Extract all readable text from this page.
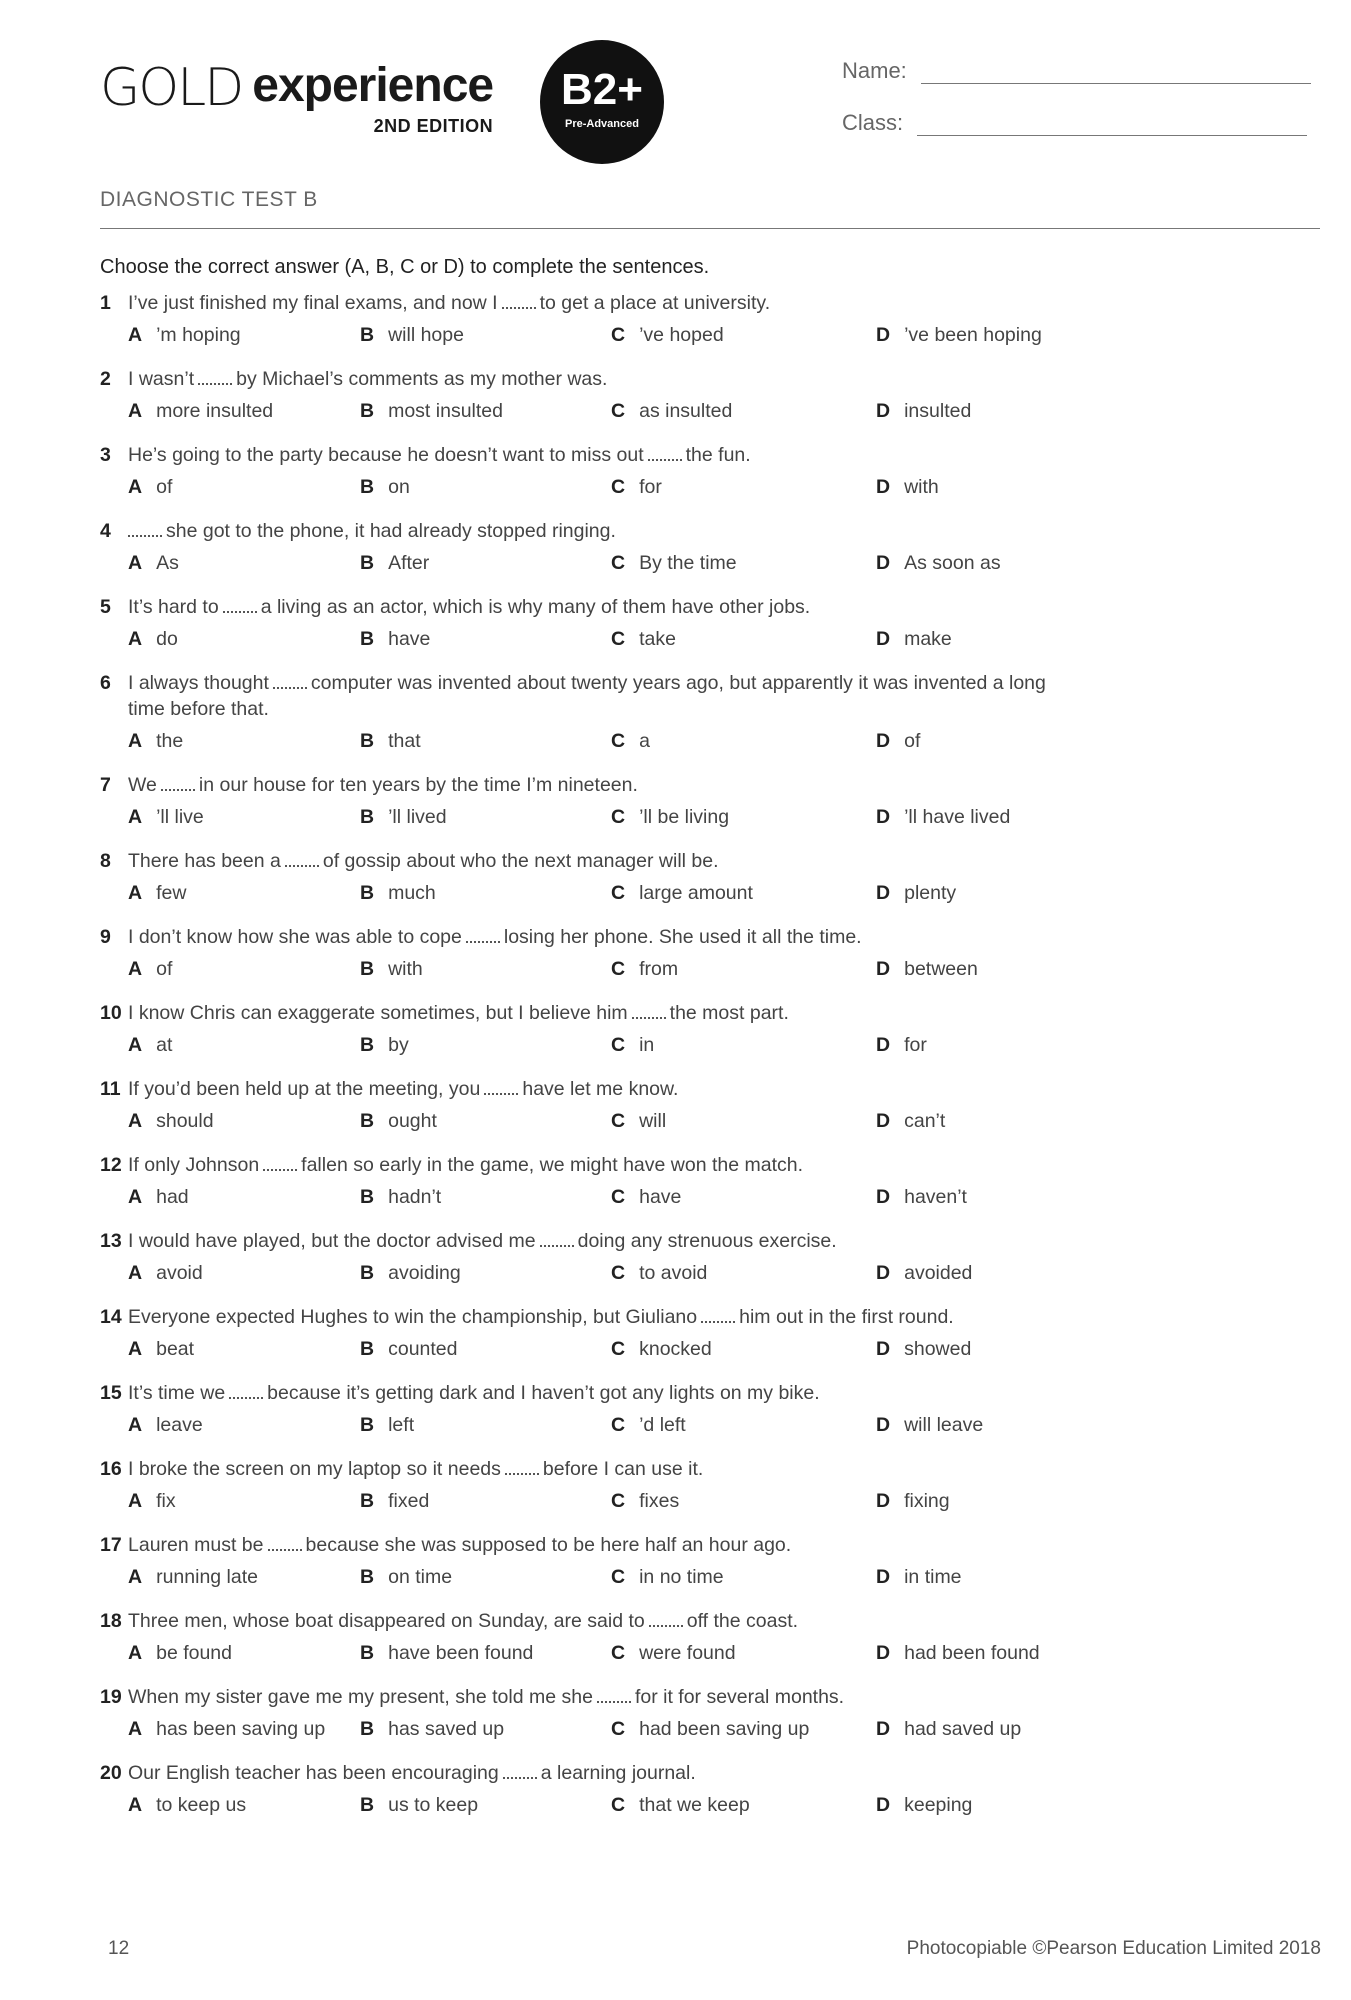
GOLD experience
2ND EDITION
B2+
Pre-Advanced
Name:
Class:
DIAGNOSTIC TEST B
Choose the correct answer (A, B, C or D) to complete the sentences.
1 I’ve just finished my final exams, and now I to get a place at university.
A ’m hoping	B will hope	C ’ve hoped	D ’ve been hoping
2 I wasn’t by Michael’s comments as my mother was.
A more insulted	B most insulted	C as insulted	D insulted
3 He’s going to the party because he doesn’t want to miss out the fun.
A of	B on	C for	D with
4	she got to the phone, it had already stopped ringing.
A As	B After	C By the time	D As soon as
5 It’s hard to a living as an actor, which is why many of them have other jobs.
A do	B have	C take	D make
6 I always thought computer was invented about twenty years ago, but apparently it was invented a long time before that.
A the	B that	C a	D of
7 We in our house for ten years by the time I’m nineteen.
A ’ll live	B ’ll lived	C ’ll be living	D ’ll have lived
8 There has been a of gossip about who the next manager will be.
A few	B much	C large amount	D plenty
9 I don’t know how she was able to cope losing her phone. She used it all the time.
A of	B with	C from	D between
10 I know Chris can exaggerate sometimes, but I believe him the most part.
A at	B by	C in	D for
11 If you’d been held up at the meeting, you have let me know.
A should	B ought	C will	D can’t
12 If only Johnson fallen so early in the game, we might have won the match.
A had	B hadn’t	C have	D haven’t
13 I would have played, but the doctor advised me doing any strenuous exercise.
A avoid	B avoiding	C to avoid	D avoided
14 Everyone expected Hughes to win the championship, but Giuliano him out in the first round.
A beat	B counted	C knocked	D showed
15 It’s time we because it’s getting dark and I haven’t got any lights on my bike.
A leave	B left	C ’d left	D will leave
16 I broke the screen on my laptop so it needs before I can use it.
A fix	B fixed	C fixes	D fixing
17 Lauren must be because she was supposed to be here half an hour ago.
A running late	B on time	C in no time	D in time
18 Three men, whose boat disappeared on Sunday, are said to off the coast.
A be found	B have been found	C were found	D had been found
19 When my sister gave me my present, she told me she for it for several months.
A has been saving up B has saved up	C had been saving up	D had saved up
20 Our English teacher has been encouraging a learning journal.
A to keep us	B us to keep	C that we keep	D keeping
12	Photocopiable ©Pearson Education Limited 2018
